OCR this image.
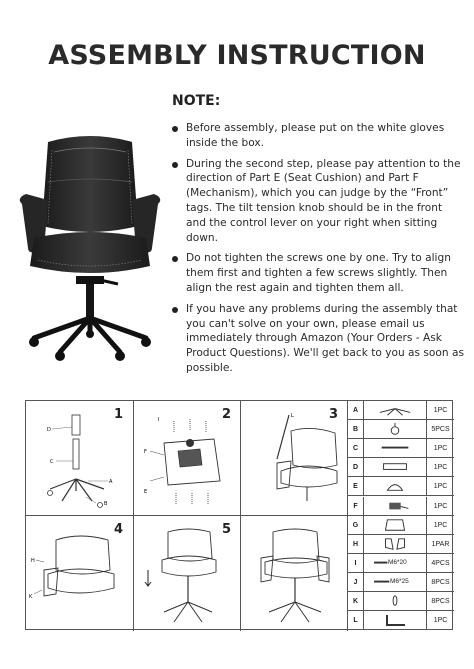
ASSEMBLY INSTRUCTION
NOTE:
Before assembly, please put on the white gloves inside the box.
During the second step, please pay attention to the direction of Part E (Seat Cushion) and Part F (Mechanism), which you can judge by the “Front” tags. The tilt tension knob should be in the front and the control lever on your right when sitting down.
Do not tighten the screws one by one. Try to align them first and tighten a few screws slightly. Then align the rest again and tighten them all.
If you have any problems during the assembly that you can't solve on your own, please email us immediately through Amazon (Your Orders - Ask Product Questions). We'll get back to you as soon as possible.
1
D
C
A
B
2
I
F
E
3
L
4
H
K
5
A	1PC
B	5PCS
C	1PC
D	1PC
E	1PC
F	1PC
G	1PC
H	1PAR
I	M6*20	4PCS
J	M6*25	8PCS
K	8PCS
L	1PC
